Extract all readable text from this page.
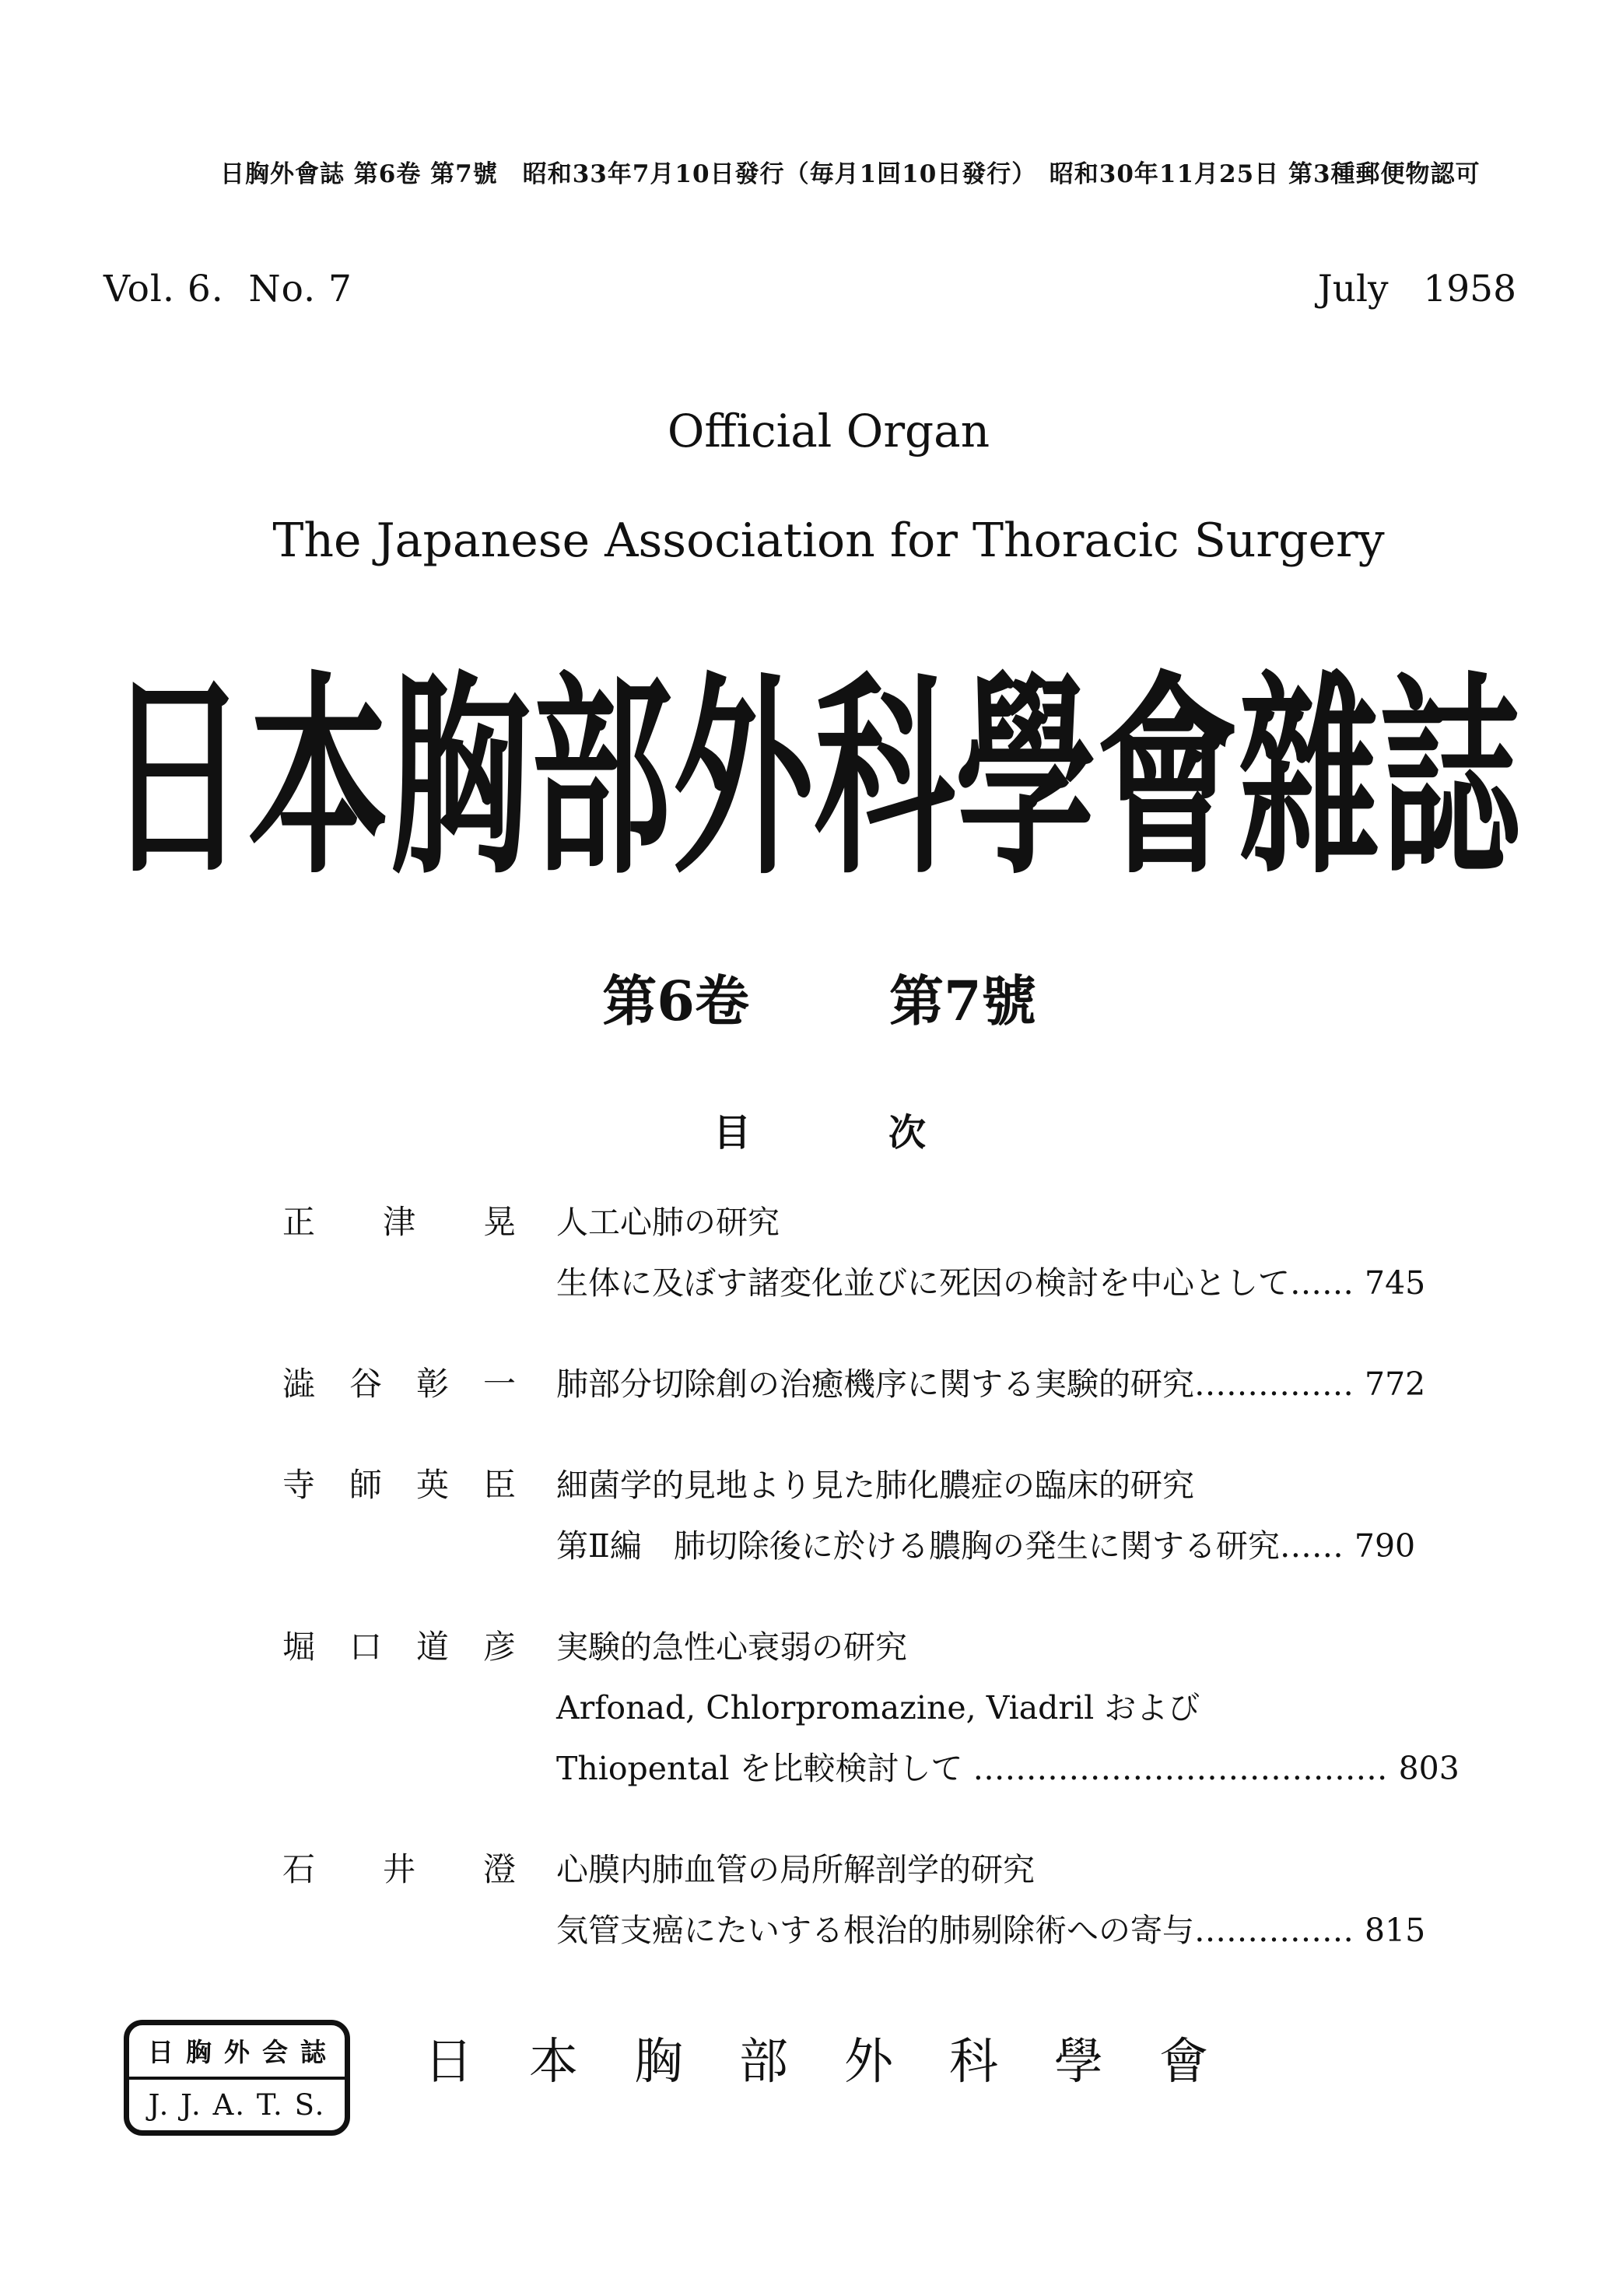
日胸外會誌 第6卷 第7號　昭和33年7月10日發行（毎月1回10日發行）　昭和30年11月25日 第3種郵便物認可
Vol. 6.  No. 7	July   1958
Official Organ
The Japanese Association for Thoracic Surgery
日 本 胸 部 外 科 學 會 雜 誌
第6卷	第7號
目	次
正 津 晃 人工心肺の研究
生体に及ぼす諸変化並びに死因の検討を中心として…… 745
澁 谷 彰 一 肺部分切除創の治癒機序に関する実験的研究…………… 772
寺 師 英 臣 細菌学的見地より見た肺化膿症の臨床的研究
第Ⅱ編　肺切除後に於ける膿胸の発生に関する研究…… 790
堀 口 道 彦 実験的急性心衰弱の研究
Arfonad, Chlorpromazine, Viadril および
Thiopental を比較検討して ………………………………… 803
石 井 澄 心膜内肺血管の局所解剖学的研究
気管支癌にたいする根治的肺剔除術への寄与…………… 815
日 胸 外 会 誌
J. J. A. T. S.
日 本 胸 部 外 科 學 會
